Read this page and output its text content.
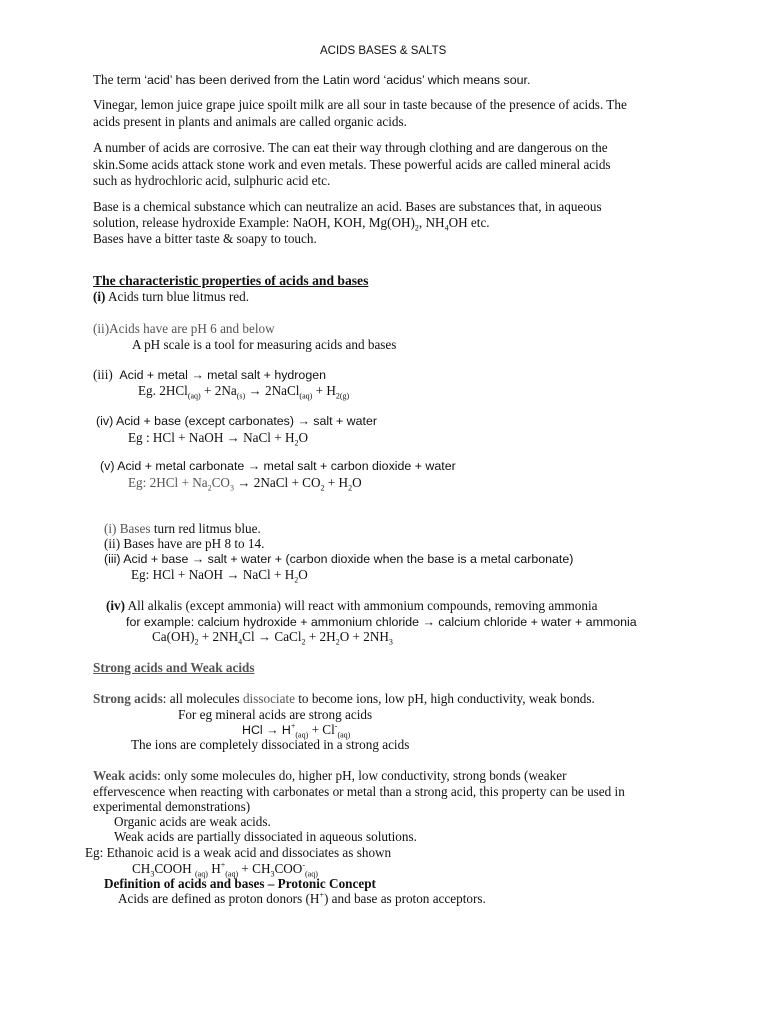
ACIDS BASES & SALTS
The term ‘acid’ has been derived from the Latin word ‘acidus’ which means sour.
Vinegar, lemon juice grape juice spoilt milk are all sour in taste because of the presence of acids. The
acids present in plants and animals are called organic acids.
A number of acids are corrosive. The can eat their way through clothing and are dangerous on the
skin.Some acids attack stone work and even metals. These powerful acids are called mineral acids
such as hydrochloric acid, sulphuric acid etc.
Base is a chemical substance which can neutralize an acid. Bases are substances that, in aqueous
solution, release hydroxide Example: NaOH, KOH, $Mg(OH)_2$, $NH_4OH$ etc.
Bases have a bitter taste & soapy to touch.
The characteristic properties of acids and bases
(i) Acids turn blue litmus red.
(ii)Acids have are pH 6 and below
A pH scale is a tool for measuring acids and bases
(iii) Acid + metal → metal salt + hydrogen
Eg. $2HCl_{(aq)} + 2Na_{(s)}$ → 2NaCl$_{(aq)}$ + $H_{2(g)}$
(iv) Acid + base (except carbonates) → salt + water
Eg : HCl + NaOH → NaCl + $H_2O$
(v) Acid + metal carbonate → metal salt + carbon dioxide + water
Eg: $2HCl + Na_2CO_3$ → 2NaCl + $CO_2 + H_2O$
(i) Bases turn red litmus blue.
(ii) Bases have are pH 8 to 14.
(iii) Acid + base → salt + water + (carbon dioxide when the base is a metal carbonate)
Eg: HCl + NaOH → NaCl + $H_2O$
(iv) All alkalis (except ammonia) will react with ammonium compounds, removing ammonia
for example: calcium hydroxide + ammonium chloride → calcium chloride + water + ammonia
$Ca(OH)_2 + 2NH_4Cl$ → CaCl$_2$ + $2H_2O + 2NH_3$
Strong acids and Weak acids
Strong acids: all molecules dissociate to become ions, low pH, high conductivity, weak bonds.
For eg mineral acids are strong acids
HCl → $H^+_{(aq)} + Cl^-_{(aq)}$
The ions are completely dissociated in a strong acids
Weak acids: only some molecules do, higher pH, low conductivity, strong bonds (weaker
effervescence when reacting with carbonates or metal than a strong acid, this property can be used in
experimental demonstrations)
Organic acids are weak acids.
Weak acids are partially dissociated in aqueous solutions.
Eg: Ethanoic acid is a weak acid and dissociates as shown
$CH_3COOH$ $_{(aq)}$ $H^+_{(aq)} + CH_3COO^-_{(aq)}$
Definition of acids and bases – Protonic Concept
Acids are defined as proton donors (H+) and base as proton acceptors.
